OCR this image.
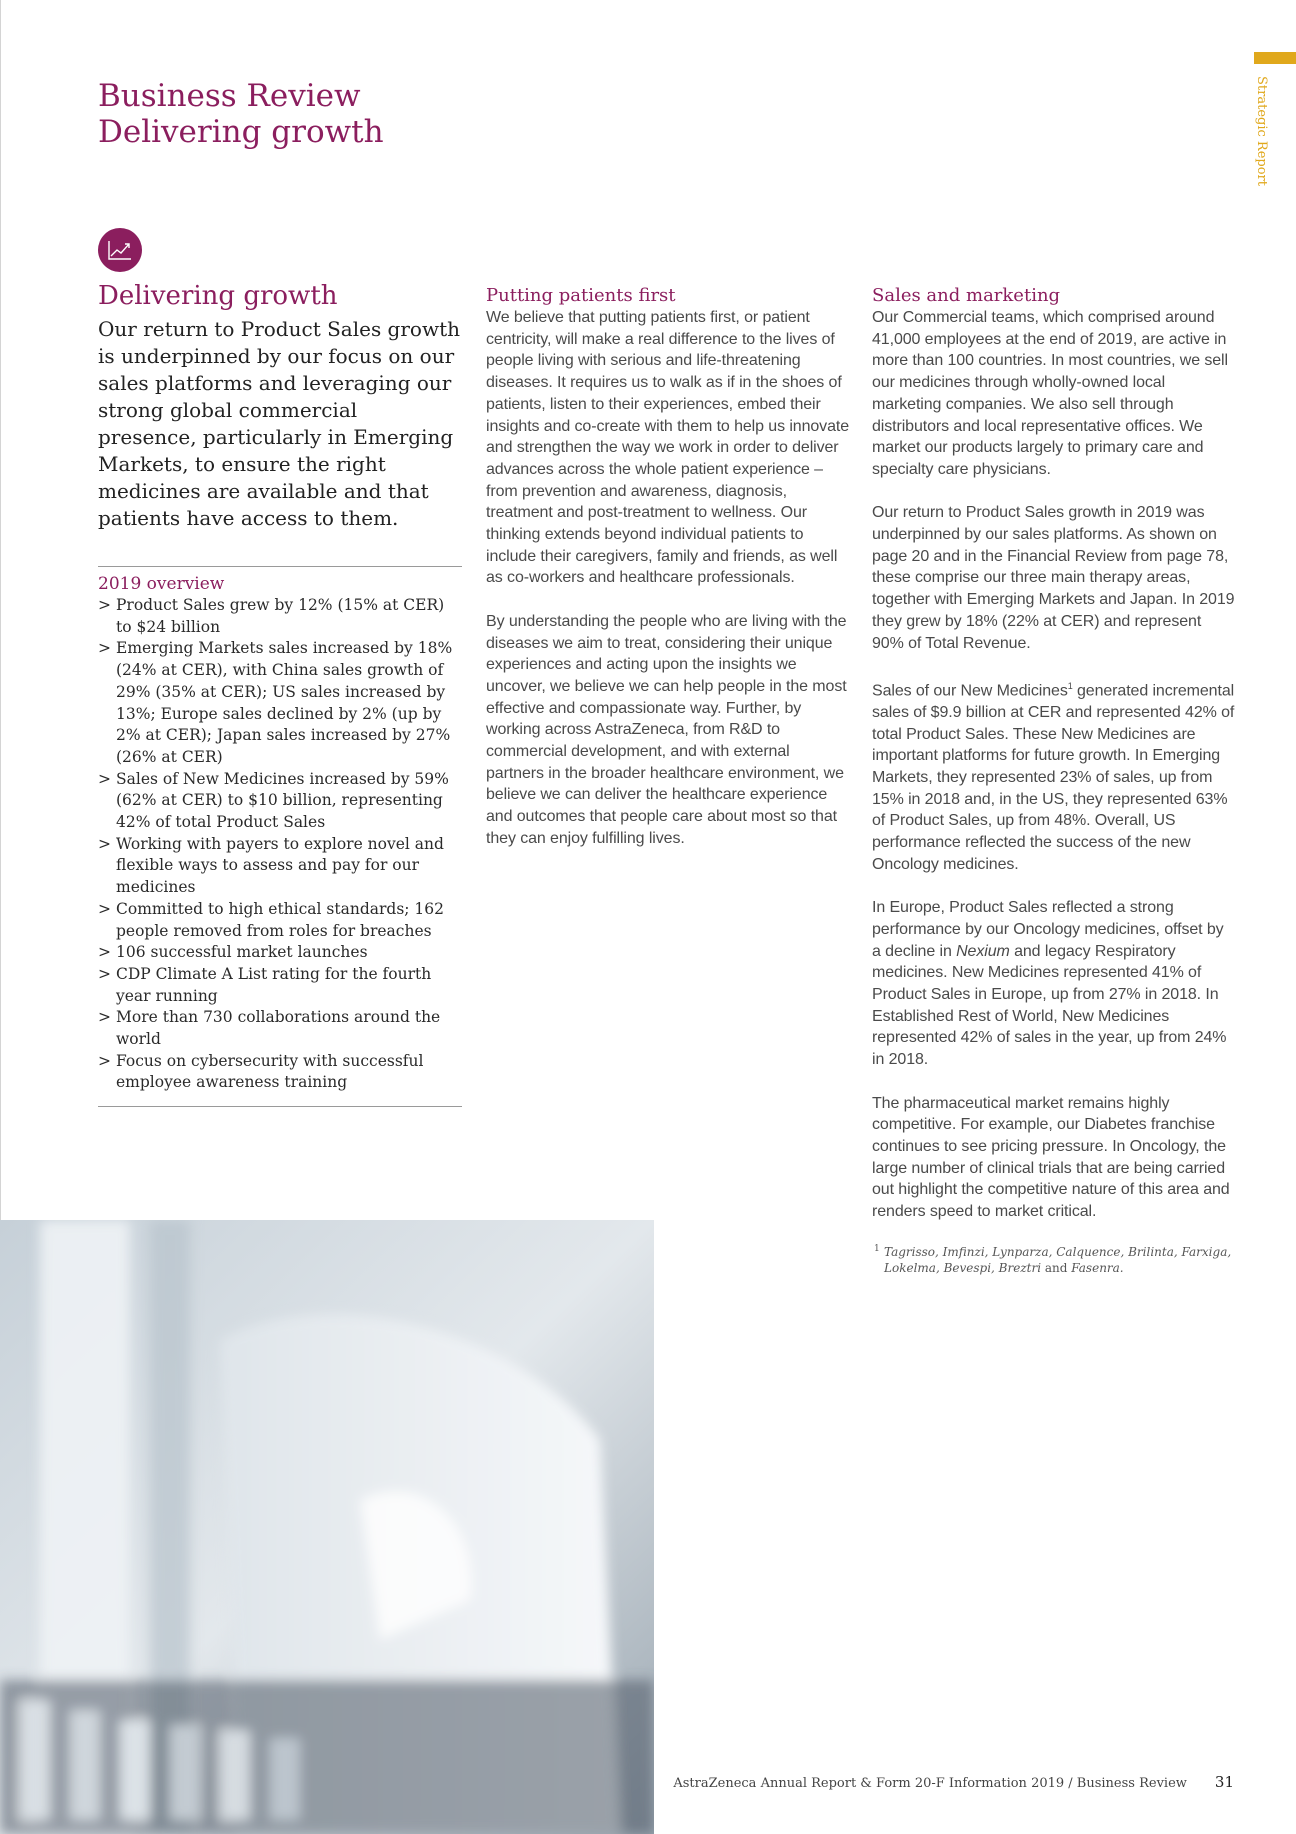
Business Review
Delivering growth	Strategic Report
Delivering growth

Our return to Product Sales growth is underpinned by our focus on our sales platforms and leveraging our strong global commercial presence, particularly in Emerging Markets, to ensure the right medicines are available and that patients have access to them.

2019 overview
> Product Sales grew by 12% (15% at CER) to $24 billion
> Emerging Markets sales increased by 18% (24% at CER), with China sales growth of 29% (35% at CER); US sales increased by 13%; Europe sales declined by 2% (up by 2% at CER); Japan sales increased by 27% (26% at CER)
> Sales of New Medicines increased by 59% (62% at CER) to $10 billion, representing 42% of total Product Sales
> Working with payers to explore novel and flexible ways to assess and pay for our medicines
> Committed to high ethical standards; 162 people removed from roles for breaches
> 106 successful market launches
> CDP Climate A List rating for the fourth year running
> More than 730 collaborations around the world
> Focus on cybersecurity with successful employee awareness training
Putting patients first

We believe that putting patients first, or patient centricity, will make a real difference to the lives of people living with serious and life-threatening diseases. It requires us to walk as if in the shoes of patients, listen to their experiences, embed their insights and co-create with them to help us innovate and strengthen the way we work in order to deliver advances across the whole patient experience – from prevention and awareness, diagnosis, treatment and post-treatment to wellness. Our thinking extends beyond individual patients to include their caregivers, family and friends, as well as co-workers and healthcare professionals.

By understanding the people who are living with the diseases we aim to treat, considering their unique experiences and acting upon the insights we uncover, we believe we can help people in the most effective and compassionate way. Further, by working across AstraZeneca, from R&D to commercial development, and with external partners in the broader healthcare environment, we believe we can deliver the healthcare experience and outcomes that people care about most so that they can enjoy fulfilling lives.

Sales and marketing

Our Commercial teams, which comprised around 41,000 employees at the end of 2019, are active in more than 100 countries. In most countries, we sell our medicines through wholly-owned local marketing companies. We also sell through distributors and local representative offices. We market our products largely to primary care and specialty care physicians.

Our return to Product Sales growth in 2019 was underpinned by our sales platforms. As shown on page 20 and in the Financial Review from page 78, these comprise our three main therapy areas, together with Emerging Markets and Japan. In 2019 they grew by 18% (22% at CER) and represent 90% of Total Revenue.

Sales of our New Medicines$^1$ generated incremental sales of $9.9 billion at CER and represented 42% of total Product Sales. These New Medicines are important platforms for future growth. In Emerging Markets, they represented 23% of sales, up from 15% in 2018 and, in the US, they represented 63% of Product Sales, up from 48%. Overall, US performance reflected the success of the new Oncology medicines.

In Europe, Product Sales reflected a strong performance by our Oncology medicines, offset by a decline in Nexium and legacy Respiratory medicines. New Medicines represented 41% of Product Sales in Europe, up from 27% in 2018. In Established Rest of World, New Medicines represented 42% of sales in the year, up from 24% in 2018.

The pharmaceutical market remains highly competitive. For example, our Diabetes franchise continues to see pricing pressure. In Oncology, the large number of clinical trials that are being carried out highlight the competitive nature of this area and renders speed to market critical.

1 Tagrisso, Imfinzi, Lynparza, Calquence, Brilinta, Farxiga, Lokelma, Bevespi, Breztri and Fasenra.
AstraZeneca Annual Report & Form 20-F Information 2019 / Business Review 31
